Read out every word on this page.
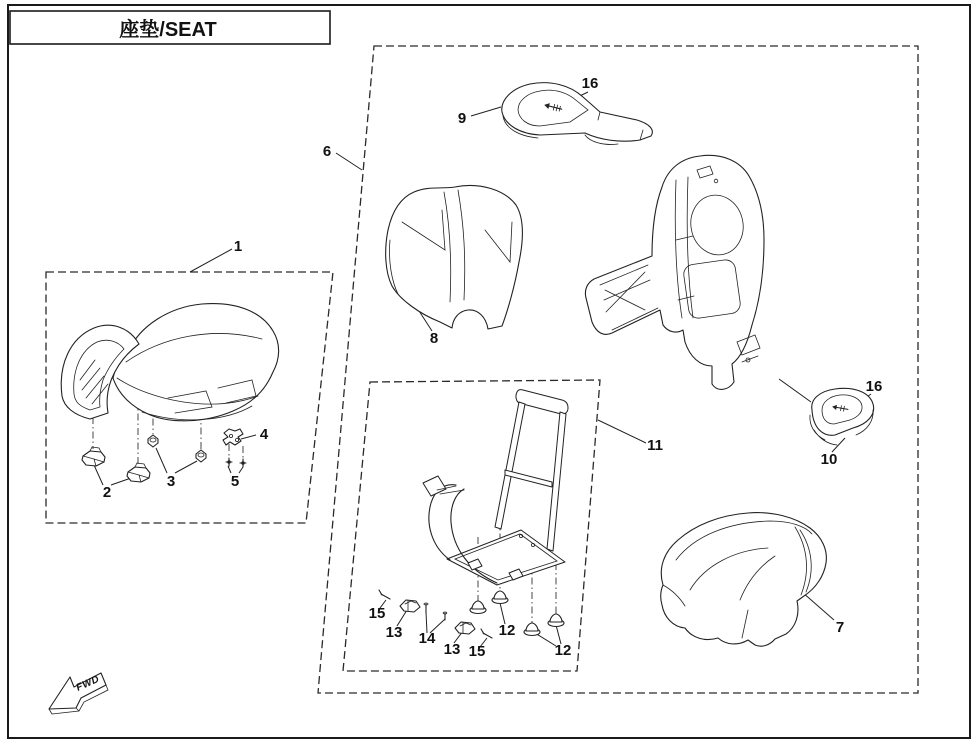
座垫/SEAT
1
2
3
4
5
6
7
8
9
10
11
12
12
13
13
14
15
15
16
16
FWD
